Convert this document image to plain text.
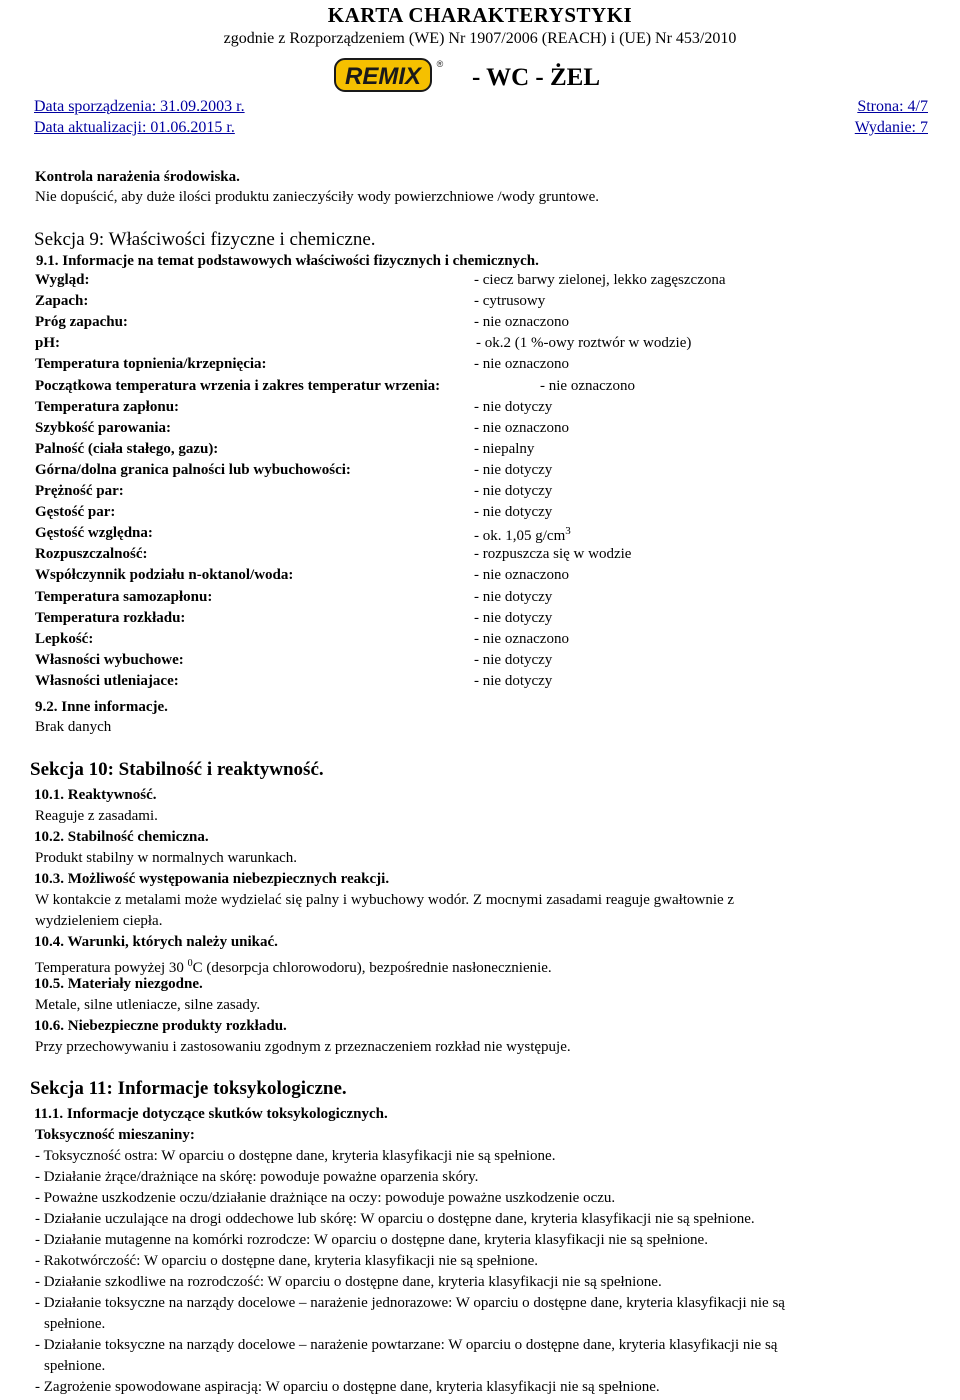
KARTA CHARAKTERYSTYKI
zgodnie z Rozporządzeniem (WE) Nr 1907/2006 (REACH) i (UE) Nr 453/2010
REMIX ® - WC - ŻEL
Data sporządzenia: 31.09.2003 r.	Strona: 4/7
Data aktualizacji: 01.06.2015 r.	Wydanie: 7
Kontrola narażenia środowiska.
Nie dopuścić, aby duże ilości produktu zanieczyściły wody powierzchniowe /wody gruntowe.
Sekcja 9: Właściwości fizyczne i chemiczne.
9.1. Informacje na temat podstawowych właściwości fizycznych i chemicznych.
Wygląd:	- ciecz barwy zielonej, lekko zagęszczona
Zapach:	- cytrusowy
Próg zapachu:	- nie oznaczono
pH:	- ok.2 (1 %-owy roztwór w wodzie)
Temperatura topnienia/krzepnięcia:	- nie oznaczono
Początkowa temperatura wrzenia i zakres temperatur wrzenia:	- nie oznaczono
Temperatura zapłonu:	- nie dotyczy
Szybkość parowania:	- nie oznaczono
Palność (ciała stałego, gazu):	- niepalny
Górna/dolna granica palności lub wybuchowości:	- nie dotyczy
Prężność par:	- nie dotyczy
Gęstość par:	- nie dotyczy
Gęstość względna:	- ok. 1,05 $g/cm^3$
Rozpuszczalność:	- rozpuszcza się w wodzie
Współczynnik podziału n-oktanol/woda:	- nie oznaczono
Temperatura samozapłonu:	- nie dotyczy
Temperatura rozkładu:	- nie dotyczy
Lepkość:	- nie oznaczono
Własności wybuchowe:	- nie dotyczy
Własności utleniajace:	- nie dotyczy
9.2. Inne informacje.
Brak danych
Sekcja 10: Stabilność i reaktywność.
10.1. Reaktywność.
Reaguje z zasadami.
10.2. Stabilność chemiczna.
Produkt stabilny w normalnych warunkach.
10.3. Możliwość występowania niebezpiecznych reakcji.
W kontakcie z metalami może wydzielać się palny i wybuchowy wodór. Z mocnymi zasadami reaguje gwałtownie z
wydzieleniem ciepła.
10.4. Warunki, których należy unikać.
Temperatura powyżej 30 $^0$C (desorpcja chlorowodoru), bezpośrednie nasłonecznienie.
10.5. Materiały niezgodne.
Metale, silne utleniacze, silne zasady.
10.6. Niebezpieczne produkty rozkładu.
Przy przechowywaniu i zastosowaniu zgodnym z przeznaczeniem rozkład nie występuje.
Sekcja 11: Informacje toksykologiczne.
11.1. Informacje dotyczące skutków toksykologicznych.
Toksyczność mieszaniny:
- Toksyczność ostra: W oparciu o dostępne dane, kryteria klasyfikacji nie są spełnione.
- Działanie żrące/drażniące na skórę: powoduje poważne oparzenia skóry.
- Poważne uszkodzenie oczu/działanie drażniące na oczy: powoduje poważne uszkodzenie oczu.
- Działanie uczulające na drogi oddechowe lub skórę: W oparciu o dostępne dane, kryteria klasyfikacji nie są spełnione.
- Działanie mutagenne na komórki rozrodcze: W oparciu o dostępne dane, kryteria klasyfikacji nie są spełnione.
- Rakotwórczość: W oparciu o dostępne dane, kryteria klasyfikacji nie są spełnione.
- Działanie szkodliwe na rozrodczość: W oparciu o dostępne dane, kryteria klasyfikacji nie są spełnione.
- Działanie toksyczne na narządy docelowe – narażenie jednorazowe: W oparciu o dostępne dane, kryteria klasyfikacji nie są
spełnione.
- Działanie toksyczne na narządy docelowe – narażenie powtarzane: W oparciu o dostępne dane, kryteria klasyfikacji nie są
spełnione.
- Zagrożenie spowodowane aspiracją: W oparciu o dostępne dane, kryteria klasyfikacji nie są spełnione.
